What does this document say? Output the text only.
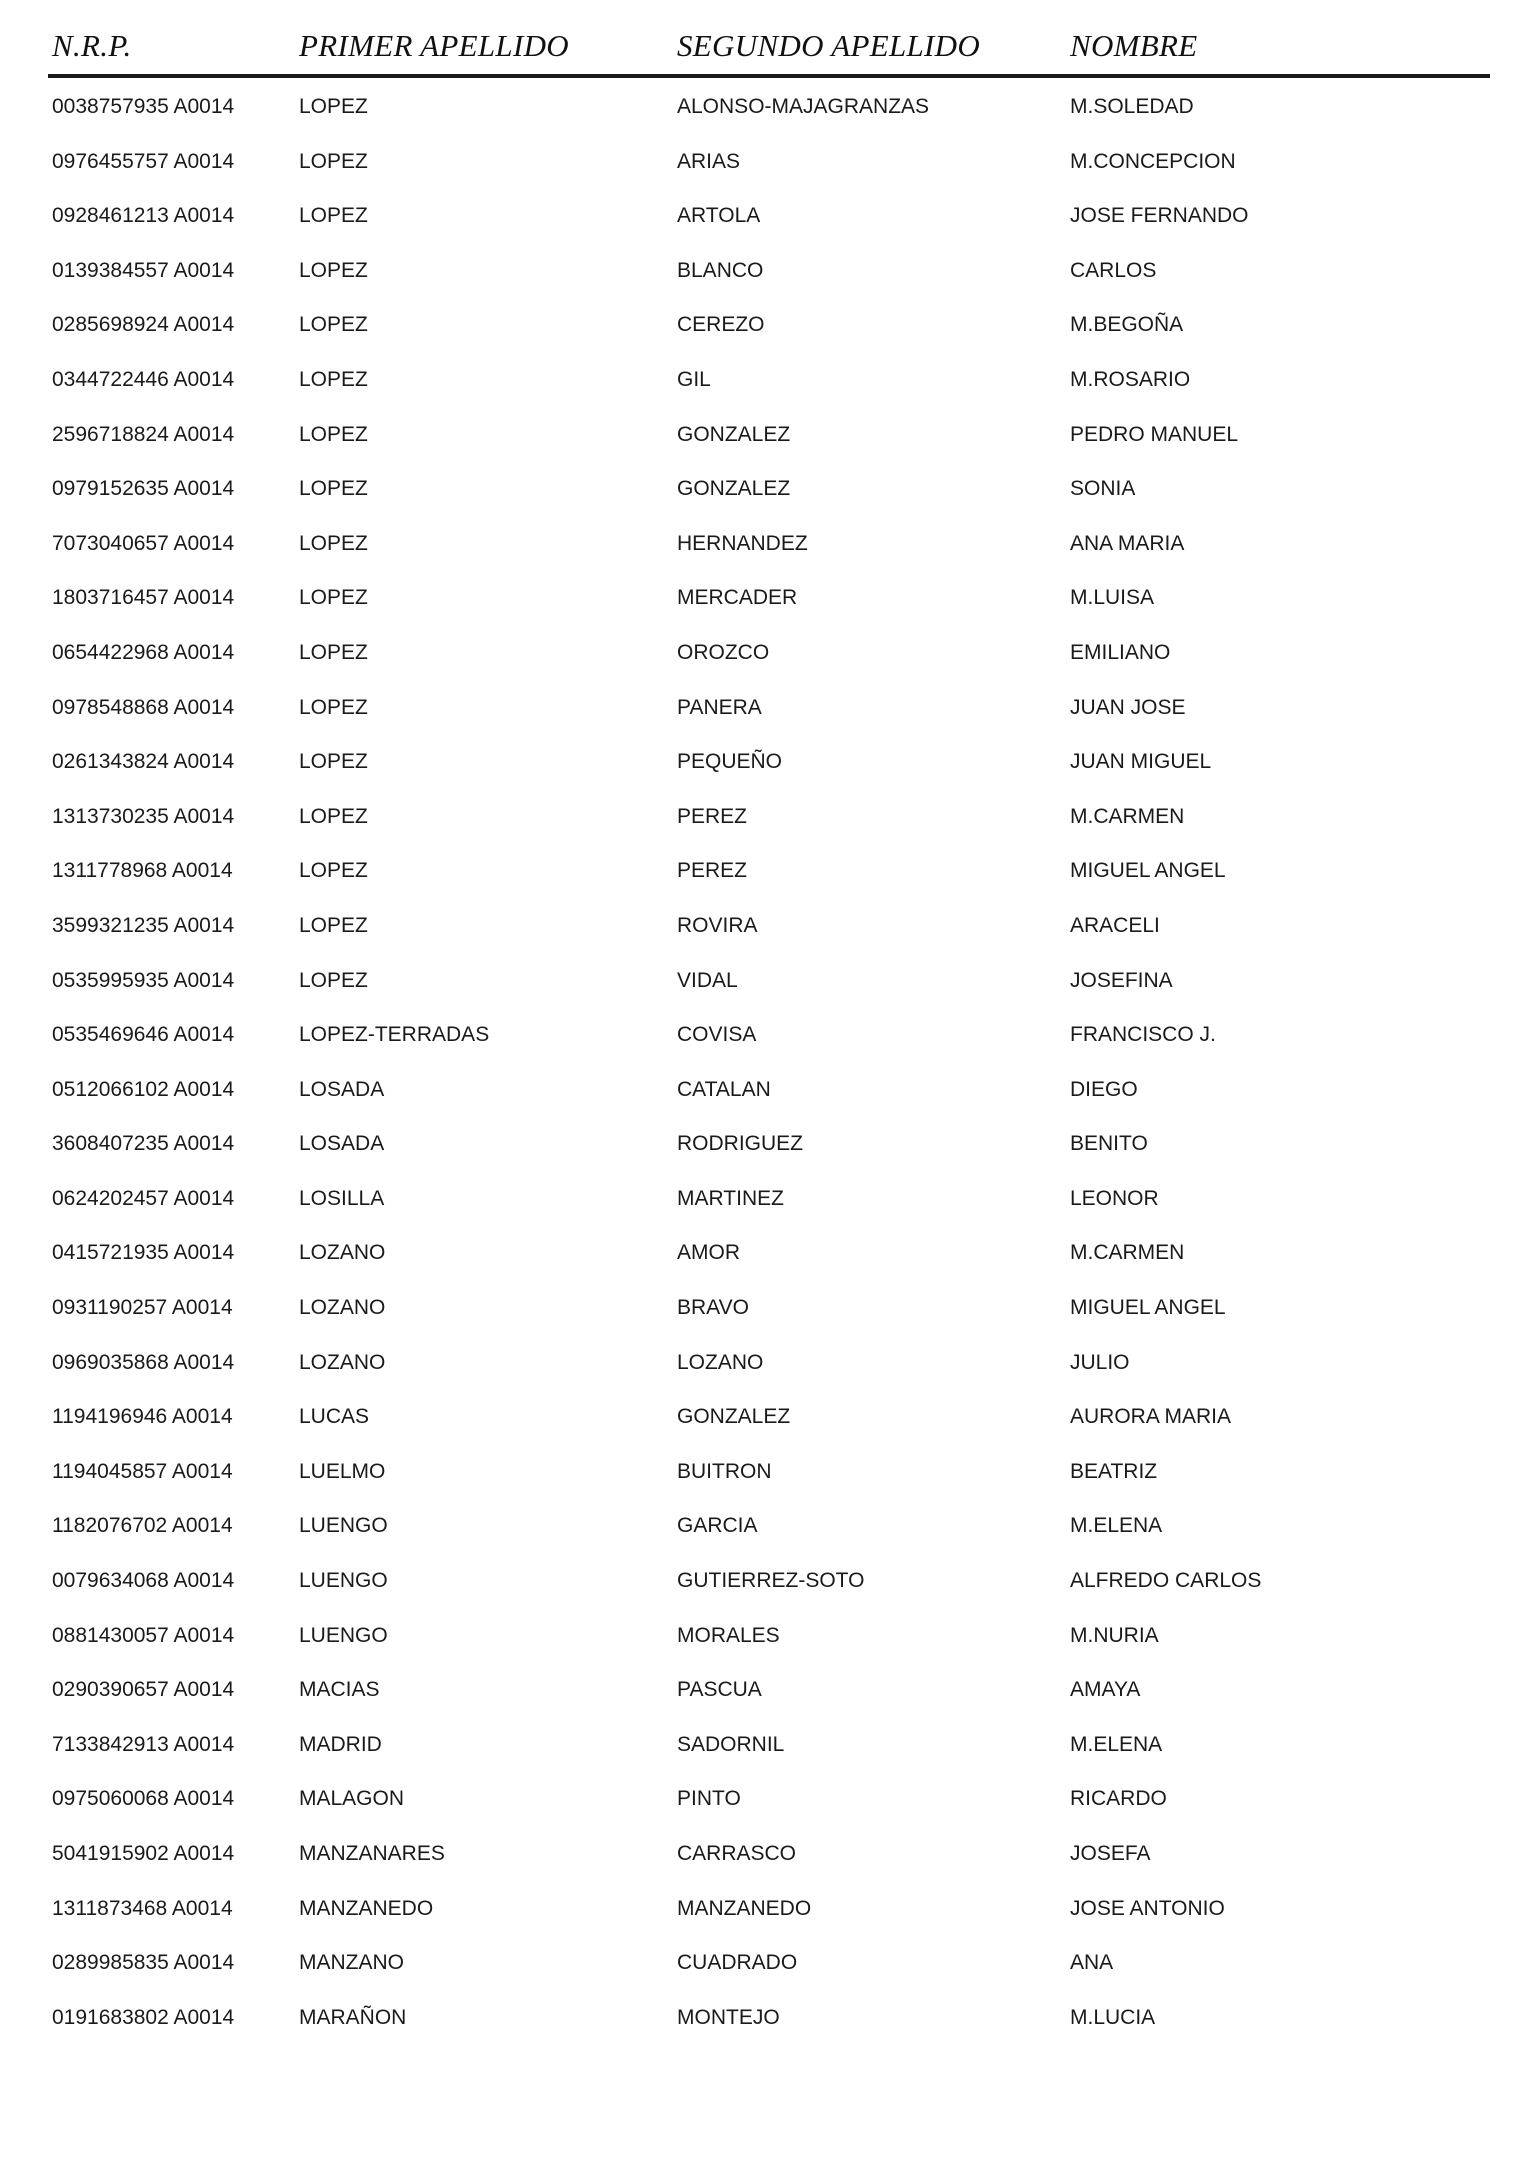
N.R.P.	PRIMER APELLIDO	SEGUNDO APELLIDO	NOMBRE
0038757935 A0014	LOPEZ	ALONSO-MAJAGRANZAS	M.SOLEDAD
0976455757 A0014	LOPEZ	ARIAS	M.CONCEPCION
0928461213 A0014	LOPEZ	ARTOLA	JOSE FERNANDO
0139384557 A0014	LOPEZ	BLANCO	CARLOS
0285698924 A0014	LOPEZ	CEREZO	M.BEGOÑA
0344722446 A0014	LOPEZ	GIL	M.ROSARIO
2596718824 A0014	LOPEZ	GONZALEZ	PEDRO MANUEL
0979152635 A0014	LOPEZ	GONZALEZ	SONIA
7073040657 A0014	LOPEZ	HERNANDEZ	ANA MARIA
1803716457 A0014	LOPEZ	MERCADER	M.LUISA
0654422968 A0014	LOPEZ	OROZCO	EMILIANO
0978548868 A0014	LOPEZ	PANERA	JUAN JOSE
0261343824 A0014	LOPEZ	PEQUEÑO	JUAN MIGUEL
1313730235 A0014	LOPEZ	PEREZ	M.CARMEN
1311778968 A0014	LOPEZ	PEREZ	MIGUEL ANGEL
3599321235 A0014	LOPEZ	ROVIRA	ARACELI
0535995935 A0014	LOPEZ	VIDAL	JOSEFINA
0535469646 A0014	LOPEZ-TERRADAS	COVISA	FRANCISCO J.
0512066102 A0014	LOSADA	CATALAN	DIEGO
3608407235 A0014	LOSADA	RODRIGUEZ	BENITO
0624202457 A0014	LOSILLA	MARTINEZ	LEONOR
0415721935 A0014	LOZANO	AMOR	M.CARMEN
0931190257 A0014	LOZANO	BRAVO	MIGUEL ANGEL
0969035868 A0014	LOZANO	LOZANO	JULIO
1194196946 A0014	LUCAS	GONZALEZ	AURORA MARIA
1194045857 A0014	LUELMO	BUITRON	BEATRIZ
1182076702 A0014	LUENGO	GARCIA	M.ELENA
0079634068 A0014	LUENGO	GUTIERREZ-SOTO	ALFREDO CARLOS
0881430057 A0014	LUENGO	MORALES	M.NURIA
0290390657 A0014	MACIAS	PASCUA	AMAYA
7133842913 A0014	MADRID	SADORNIL	M.ELENA
0975060068 A0014	MALAGON	PINTO	RICARDO
5041915902 A0014	MANZANARES	CARRASCO	JOSEFA
1311873468 A0014	MANZANEDO	MANZANEDO	JOSE ANTONIO
0289985835 A0014	MANZANO	CUADRADO	ANA
0191683802 A0014	MARAÑON	MONTEJO	M.LUCIA
